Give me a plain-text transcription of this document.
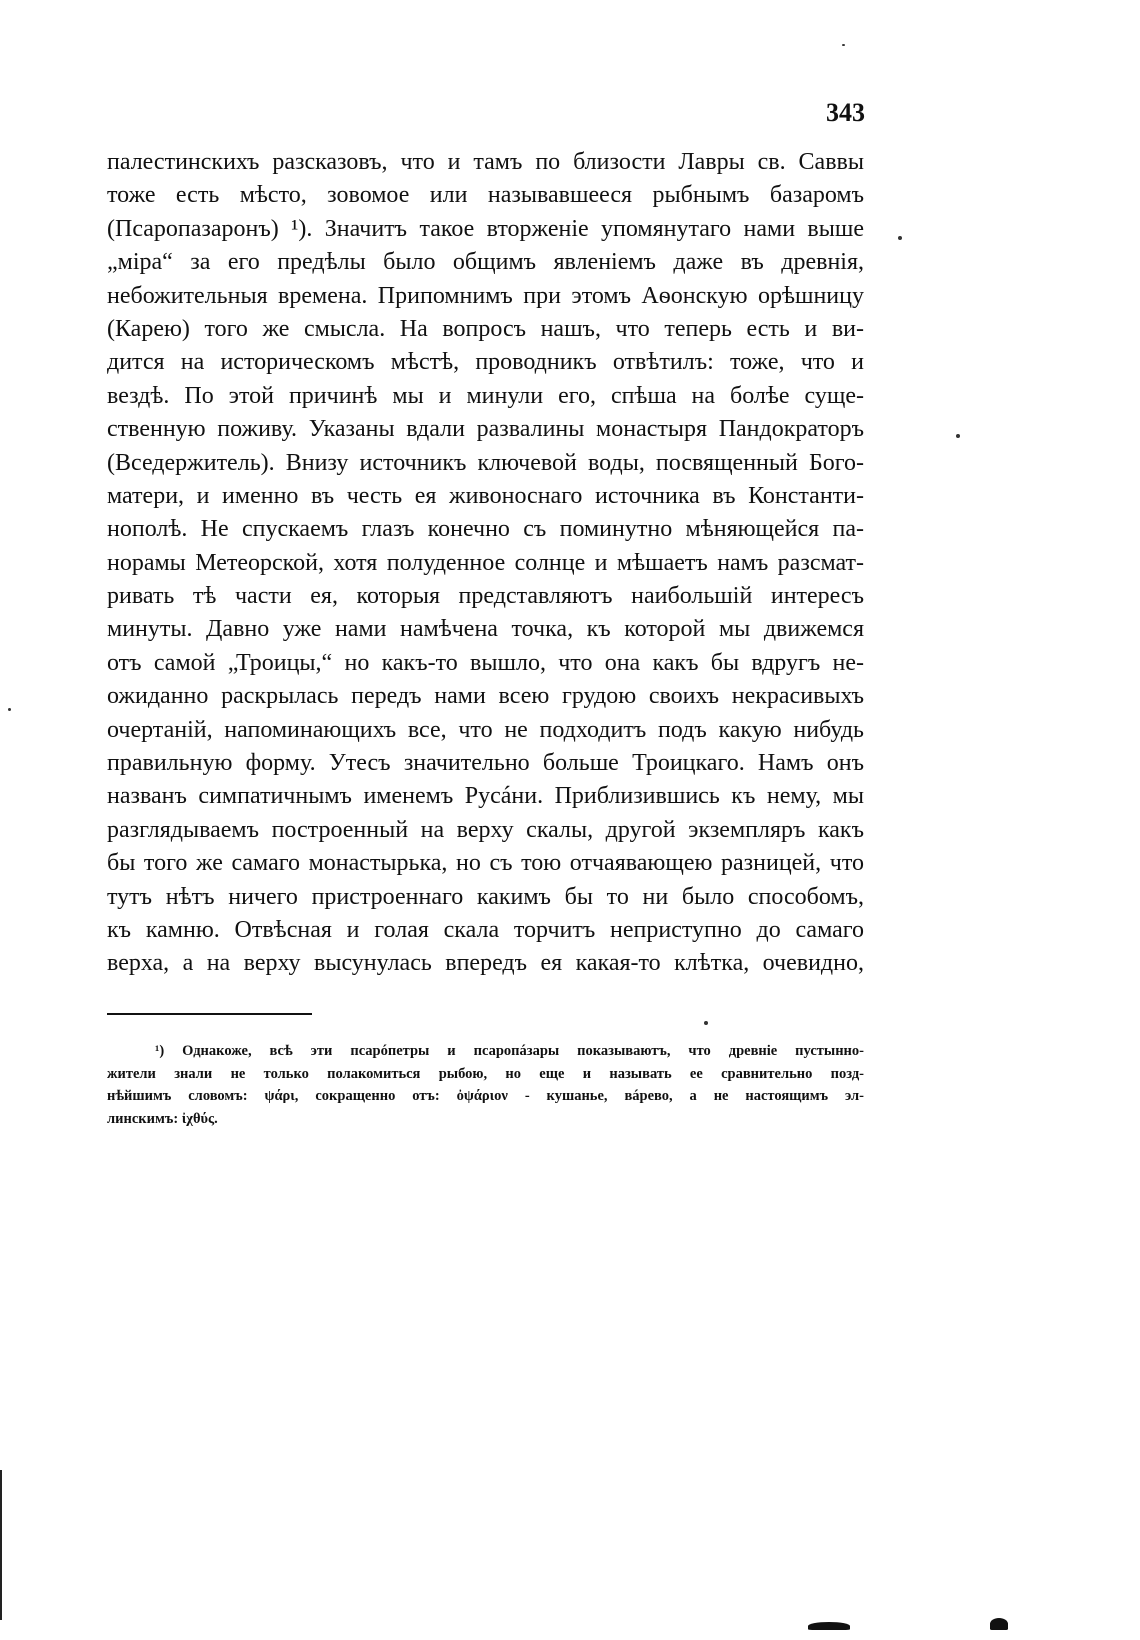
343
палестинскихъ разсказовъ, что и тамъ по близости Лавры св. Саввы
тоже есть мѣсто, зовомое или называвшееся рыбнымъ базаромъ
(Псаропазаронъ) ¹). Значитъ такое вторженіе упомянутаго нами выше
„міра“ за его предѣлы было общимъ явленіемъ даже въ древнія,
небожительныя времена. Припомнимъ при этомъ Аѳонскую орѣшницу
(Карею) того же смысла. На вопросъ нашъ, что теперь есть и ви-
дится на историческомъ мѣстѣ, проводникъ отвѣтилъ: тоже, что и
вездѣ. По этой причинѣ мы и минули его, спѣша на болѣе суще-
ственную поживу. Указаны вдали развалины монастыря Пандократоръ
(Вседержитель). Внизу источникъ ключевой воды, посвященный Бого-
матери, и именно въ честь ея живоноснаго источника въ Константи-
нополѣ. Не спускаемъ глазъ конечно съ поминутно мѣняющейся па-
норамы Метеорской, хотя полуденное солнце и мѣшаетъ намъ разсмат-
ривать тѣ части ея, которыя представляютъ наибольшій интересъ
минуты. Давно уже нами намѣчена точка, къ которой мы движемся
отъ самой „Троицы,“ но какъ-то вышло, что она какъ бы вдругъ не-
ожиданно раскрылась передъ нами всею грудою своихъ некрасивыхъ
очертаній, напоминающихъ все, что не подходитъ подъ какую нибудь
правильную форму. Утесъ значительно больше Троицкаго. Намъ онъ
названъ симпатичнымъ именемъ Русáни. Приблизившись къ нему, мы
разглядываемъ построенный на верху скалы, другой экземпляръ какъ
бы того же самаго монастырька, но съ тою отчаявающею разницей, что
тутъ нѣтъ ничего пристроеннаго какимъ бы то ни было способомъ,
къ камню. Отвѣсная и голая скала торчитъ неприступно до самаго
верха, а на верху высунулась впередъ ея какая-то клѣтка, очевидно,
¹) Однакоже, всѣ эти псарóпетры и псаропáзары показываютъ, что древніе пустынно-
жители знали не только полакомиться рыбою, но еще и называть ее сравнительно позд-
нѣйшимъ словомъ: ψάρι, сокращенно отъ: ὀψάριον - кушанье, вáрево, а не настоящимъ эл-
линскимъ: ἰχθύς.
